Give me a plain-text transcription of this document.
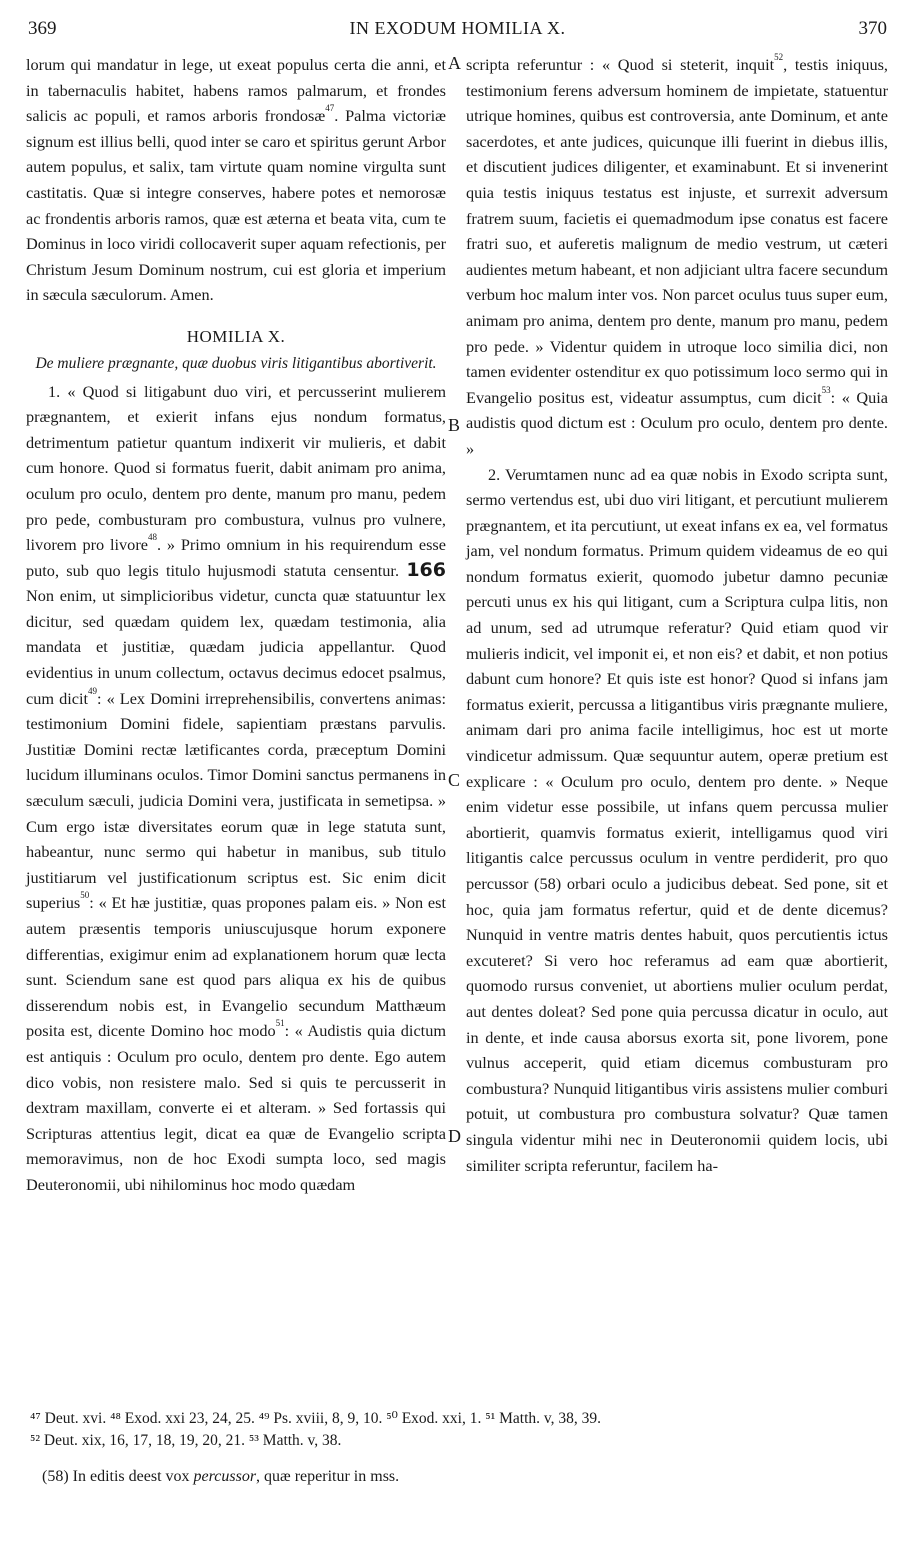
369	IN EXODUM HOMILIA X.	370
A
B
C
D

lorum qui mandatur in lege, ut exeat populus certa die anni, et in tabernaculis habitet, habens ramos palmarum, et frondes salicis ac populi, et ramos arboris frondosæ$^{47}$. Palma victoriæ signum est illius belli, quod inter se caro et spiritus gerunt Arbor autem populus, et salix, tam virtute quam nomine virgulta sunt castitatis. Quæ si integre conserves, habere potes et nemorosæ ac frondentis arboris ramos, quæ est æterna et beata vita, cum te Dominus in loco viridi collocaverit super aquam refectionis, per Christum Jesum Dominum nostrum, cui est gloria et imperium in sæcula sæculorum. Amen.

HOMILIA X.
De muliere prægnante, quæ duobus viris litigantibus abortiverit.

1. « Quod si litigabunt duo viri, et percusserint mulierem prægnantem, et exierit infans ejus nondum formatus, detrimentum patietur quantum indixerit vir mulieris, et dabit cum honore. Quod si formatus fuerit, dabit animam pro anima, oculum pro oculo, dentem pro dente, manum pro manu, pedem pro pede, combusturam pro combustura, vulnus pro vulnere, livorem pro livore$^{48}$. » Primo omnium in his requirendum esse puto, sub quo legis titulo hujusmodi statuta censentur. 166 Non enim, ut simplicioribus videtur, cuncta quæ statuuntur lex dicitur, sed quædam quidem lex, quædam testimonia, alia mandata et justitiæ, quædam judicia appellantur. Quod evidentius in unum collectum, octavus decimus edocet psalmus, cum dicit$^{49}$: « Lex Domini irreprehensibilis, convertens animas: testimonium Domini fidele, sapientiam præstans parvulis. Justitiæ Domini rectæ lætificantes corda, præceptum Domini lucidum illuminans oculos. Timor Domini sanctus permanens in sæculum sæculi, judicia Domini vera, justificata in semetipsa. » Cum ergo istæ diversitates eorum quæ in lege statuta sunt, habeantur, nunc sermo qui habetur in manibus, sub titulo justitiarum vel justificationum scriptus est. Sic enim dicit superius$^{50}$: « Et hæ justitiæ, quas propones palam eis. » Non est autem præsentis temporis uniuscujusque horum exponere differentias, exigimur enim ad explanationem horum quæ lecta sunt. Sciendum sane est quod pars aliqua ex his de quibus disserendum nobis est, in Evangelio secundum Matthæum posita est, dicente Domino hoc modo$^{51}$: « Audistis quia dictum est antiquis : Oculum pro oculo, dentem pro dente. Ego autem dico vobis, non resistere malo. Sed si quis te percusserit in dextram maxillam, converte ei et alteram. » Sed fortassis qui Scripturas attentius legit, dicat ea quæ de Evangelio scripta memoravimus, non de hoc Exodi sumpta loco, sed magis Deuteronomii, ubi nihilominus hoc modo quædam

scripta referuntur : « Quod si steterit, inquit$^{52}$, testis iniquus, testimonium ferens adversum hominem de impietate, statuentur utrique homines, quibus est controversia, ante Dominum, et ante sacerdotes, et ante judices, quicunque illi fuerint in diebus illis, et discutient judices diligenter, et examinabunt. Et si invenerint quia testis iniquus testatus est injuste, et surrexit adversum fratrem suum, facietis ei quemadmodum ipse conatus est facere fratri suo, et auferetis malignum de medio vestrum, ut cæteri audientes metum habeant, et non adjiciant ultra facere secundum verbum hoc malum inter vos. Non parcet oculus tuus super eum, animam pro anima, dentem pro dente, manum pro manu, pedem pro pede. » Videntur quidem in utroque loco similia dici, non tamen evidenter ostenditur ex quo potissimum loco sermo qui in Evangelio positus est, videatur assumptus, cum dicit$^{53}$: « Quia audistis quod dictum est : Oculum pro oculo, dentem pro dente. »

2. Verumtamen nunc ad ea quæ nobis in Exodo scripta sunt, sermo vertendus est, ubi duo viri litigant, et percutiunt mulierem prægnantem, et ita percutiunt, ut exeat infans ex ea, vel formatus jam, vel nondum formatus. Primum quidem videamus de eo qui nondum formatus exierit, quomodo jubetur damno pecuniæ percuti unus ex his qui litigant, cum a Scriptura culpa litis, non ad unum, sed ad utrumque referatur? Quid etiam quod vir mulieris indicit, vel imponit ei, et non eis? et dabit, et non potius dabunt cum honore? Et quis iste est honor? Quod si infans jam formatus exierit, percussa a litigantibus viris prægnante muliere, animam dari pro anima facile intelligimus, hoc est ut morte vindicetur admissum. Quæ sequuntur autem, operæ pretium est explicare : « Oculum pro oculo, dentem pro dente. » Neque enim videtur esse possibile, ut infans quem percussa mulier abortierit, quamvis formatus exierit, intelligamus quod viri litigantis calce percussus oculum in ventre perdiderit, pro quo percussor (58) orbari oculo a judicibus debeat. Sed pone, sit et hoc, quia jam formatus refertur, quid et de dente dicemus? Nunquid in ventre matris dentes habuit, quos percutientis ictus excuteret? Si vero hoc referamus ad eam quæ abortierit, quomodo rursus conveniet, ut abortiens mulier oculum perdat, aut dentes doleat? Sed pone quia percussa dicatur in oculo, aut in dente, et inde causa aborsus exorta sit, pone livorem, pone vulnus acceperit, quid etiam dicemus combusturam pro combustura? Nunquid litigantibus viris assistens mulier comburi potuit, ut combustura pro combustura solvatur? Quæ tamen singula videntur mihi nec in Deuteronomii quidem locis, ubi similiter scripta referuntur, facilem ha-

⁴⁷ Deut. xvi. ⁴⁸ Exod. xxi 23, 24, 25. ⁴⁹ Ps. xviii, 8, 9, 10. ⁵⁰ Exod. xxi, 1. ⁵¹ Matth. v, 38, 39.
⁵² Deut. xix, 16, 17, 18, 19, 20, 21. ⁵³ Matth. v, 38.
(58) In editis deest vox percussor, quæ reperitur in mss.
